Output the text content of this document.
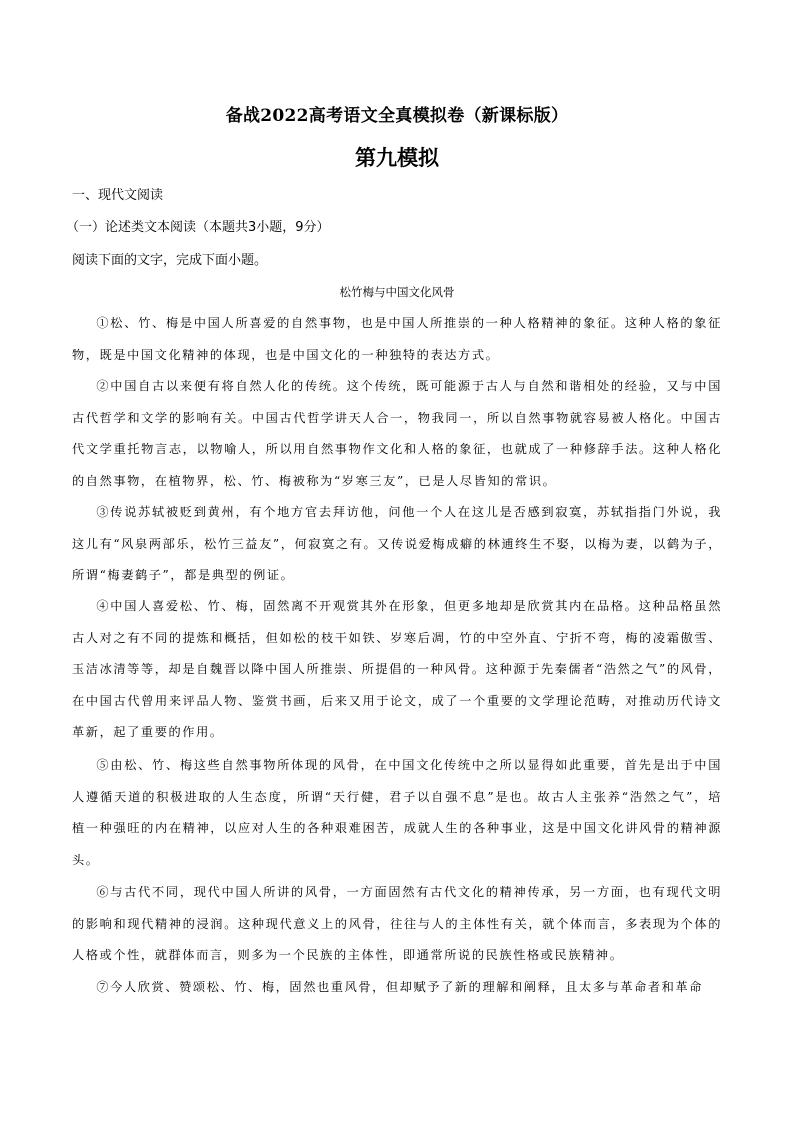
备战2022高考语文全真模拟卷（新课标版）
第九模拟
一、现代文阅读
（一）论述类文本阅读（本题共3小题，9分）
阅读下面的文字，完成下面小题。
松竹梅与中国文化风骨

①松、竹、梅是中国人所喜爱的自然事物，也是中国人所推崇的一种人格精神的象征。这种人格的象征物，既是中国文化精神的体现，也是中国文化的一种独特的表达方式。

②中国自古以来便有将自然人化的传统。这个传统，既可能源于古人与自然和谐相处的经验，又与中国古代哲学和文学的影响有关。中国古代哲学讲天人合一，物我同一，所以自然事物就容易被人格化。中国古代文学重托物言志，以物喻人，所以用自然事物作文化和人格的象征，也就成了一种修辞手法。这种人格化的自然事物，在植物界，松、竹、梅被称为“岁寒三友”，已是人尽皆知的常识。

③传说苏轼被贬到黄州，有个地方官去拜访他，问他一个人在这儿是否感到寂寞，苏轼指指门外说，我这儿有“风泉两部乐，松竹三益友”，何寂寞之有。又传说爱梅成癖的林逋终生不娶，以梅为妻，以鹤为子，所谓“梅妻鹤子”，都是典型的例证。

④中国人喜爱松、竹、梅，固然离不开观赏其外在形象，但更多地却是欣赏其内在品格。这种品格虽然古人对之有不同的提炼和概括，但如松的枝干如铁、岁寒后凋，竹的中空外直、宁折不弯，梅的凌霜傲雪、玉洁冰清等等，却是自魏晋以降中国人所推崇、所提倡的一种风骨。这种源于先秦儒者“浩然之气”的风骨，在中国古代曾用来评品人物、鉴赏书画，后来又用于论文，成了一个重要的文学理论范畴，对推动历代诗文革新，起了重要的作用。

⑤由松、竹、梅这些自然事物所体现的风骨，在中国文化传统中之所以显得如此重要，首先是出于中国人遵循天道的积极进取的人生态度，所谓“天行健，君子以自强不息”是也。故古人主张养“浩然之气”，培植一种强旺的内在精神，以应对人生的各种艰难困苦，成就人生的各种事业，这是中国文化讲风骨的精神源头。

⑥与古代不同，现代中国人所讲的风骨，一方面固然有古代文化的精神传承，另一方面，也有现代文明的影响和现代精神的浸润。这种现代意义上的风骨，往往与人的主体性有关，就个体而言，多表现为个体的人格或个性，就群体而言，则多为一个民族的主体性，即通常所说的民族性格或民族精神。

⑦今人欣赏、赞颂松、竹、梅，固然也重风骨，但却赋予了新的理解和阐释，且太多与革命者和革命
